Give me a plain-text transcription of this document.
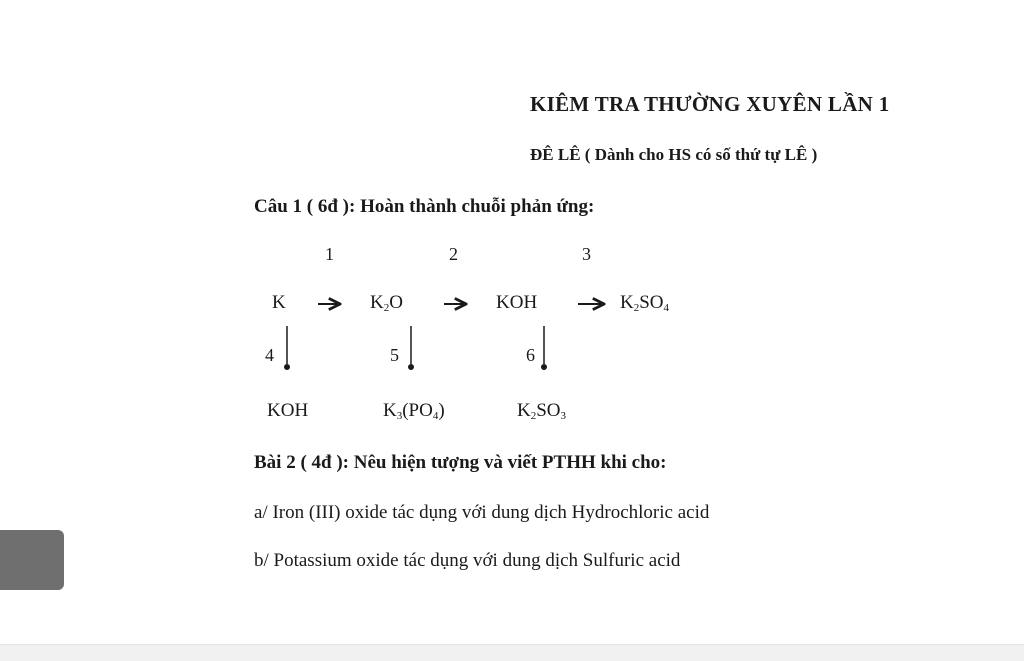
KIÊM TRA THƯỜNG XUYÊN LẦN 1
ĐÊ LÊ ( Dành cho HS có số thứ tự LÊ )
Câu 1 ( 6đ ): Hoàn thành chuỗi phản ứng:
1	2	3
K	$K_2O$	KOH	$K_2SO_4$
4	5	6
KOH	$K_3(PO_4)$	$K_2SO_3$
Bài 2 ( 4đ ): Nêu hiện tượng và viết PTHH khi cho:
a/ Iron (III) oxide tác dụng với dung dịch Hydrochloric acid
b/ Potassium oxide tác dụng với dung dịch Sulfuric acid
